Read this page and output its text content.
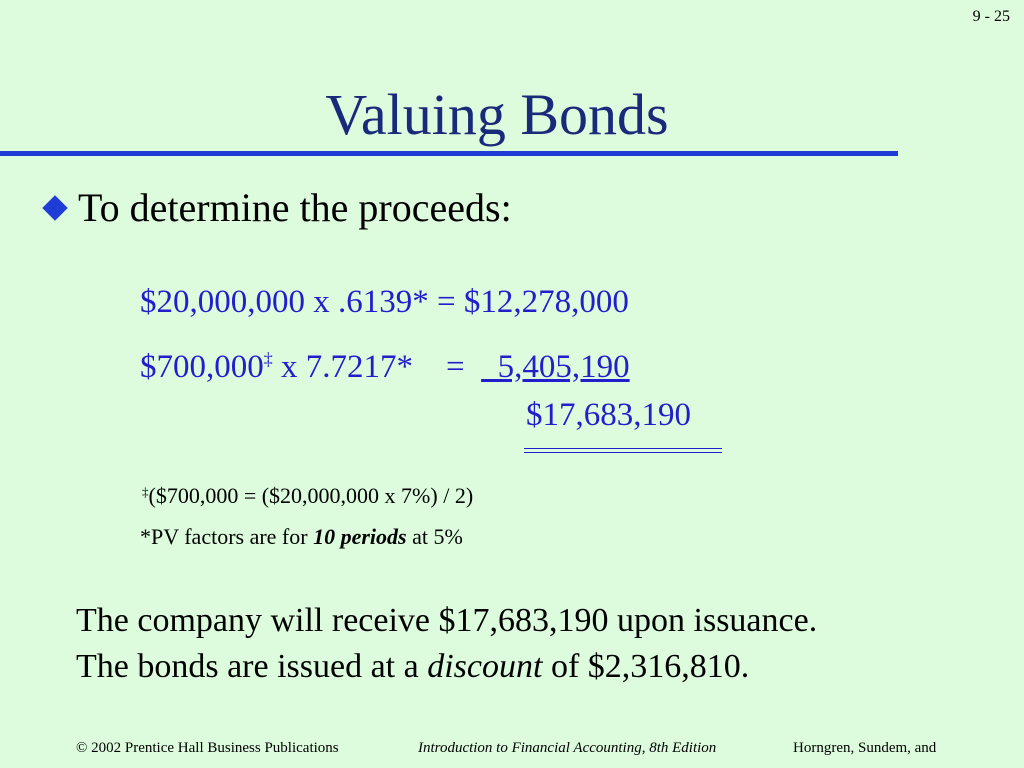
9 - 25
Valuing Bonds
To determine the proceeds:
$20,000,000 x .6139* = $12,278,000
$700,000‡ x 7.7217*    =    5,405,190
$17,683,190
‡($700,000 = ($20,000,000 x 7%) / 2)
*PV factors are for 10 periods at 5%
The company will receive $17,683,190 upon issuance.
The bonds are issued at a discount of $2,316,810.
© 2002 Prentice Hall Business Publications	Introduction to Financial Accounting, 8th Edition	Horngren, Sundem, and
